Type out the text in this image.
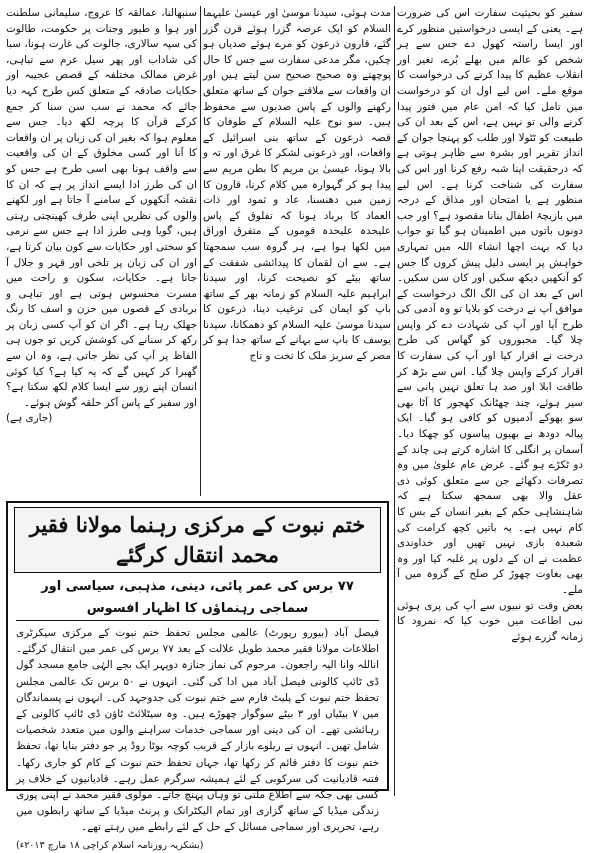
سفیر کو بحیثیت سفارت اس کی ضرورت ہے۔ یعنی کے ایسی درخواستیں منظور کرے اور ایسا راستہ کھول دے جس سے ہر شخص کو عالم میں بھلے بُرے، تغیر اور انقلاب عظیم کا پیدا کرنے کی درخواست کا موقع ملے۔ اس لیے اول ان کو درخواست میں تامل کیا کہ امن عام میں فتور پیدا کرنے والی تو نہیں ہے، اس کے بعد ان کی طبیعت کو ٹٹولا اور طلب کو پہنچا جوان کے انداز تقریر اور بشرہ سے ظاہر ہوتی ہے کہ درحقیقت اپنا شبہ رفع کرنا اور اس کی سفارت کی شناخت کرنا ہے۔ اس لیے منظور ہے یا امتحان اور مذاق کے درجہ میں بازیچۂ اطفال بنانا مقصود ہے؟ اور جب دونوں باتوں میں اطمینان ہو گیا تو جواب دیا کہ بہت اچھا انشاء اللہ میں تمہاری خواہش پر ایسی دلیل پیش کروں گا جس کو آنکھیں دیکھ سکیں اور کان سن سکیں۔ اس کے بعد ان کی الگ الگ درخواست کے موافق آپ نے درخت کو بلایا تو وہ آدمی کی طرح آیا اور آپ کی شہادت دے کر واپس چلا گیا۔ مجبوروں کو گھاس کی طرح درخت نے اقرار کیا اور آپ کی سفارت کا اقرار کرکے واپس چلا گیا۔ اس سے بڑھ کر طاقت ابلا اور صد ہا تعلق نہیں پانی سے سیر ہوئے، چند چھٹانک کھجور کا آٹا بھی سو بھوکے آدمیوں کو کافی ہو گیا۔ ایک پیالہ دودھ نے بھیوں پیاسوں کو چھکا دیا۔ آسمان پر انگلی کا اشارہ کرتے ہی چاند کے دو ٹکڑے ہو گئے۔ غرض عام علویٰ میں وہ تصرفات دکھائے جن سے متعلق کوئی ذی عقل والا بھی سمجھ سکتا ہے کہ شاہنشاہی حکم کے بغیر انسان کے بس کا کام نہیں ہے۔ یہ باتیں کچھ کرامت کی شعبدہ بازی نہیں تھیں اور خداوندی عظمت نے ان کے دلوں پر غلبہ کیا اور وہ بھی بغاوت چھوڑ کر صلح کے گروہ میں آ ملے۔

بعض وقت تو نبیوں سے آپ کی پری ہوئی نبی اطاعت میں خوب کیا کہ نمرود کا زمانہ گزرے ہوئے

مدت ہوئی، سیدنا موسیٰ اور عیسیٰ علیہما السلام کو ایک عرصہ گزرا ہوئے قرن گزر گئے، قارون ذرعون کو مرے ہوئے صدیاں ہو چکیں، مگر مدعی سفارت سے جس کا حال پوچھتے وہ صحیح صحیح سن لیتے ہیں اور ان واقعات سے ملاقتے جوان کے ساتھ متعلق رکھنے والوں کے پاس صدیوں سے محفوظ ہیں۔ سو نوح علیہ السلام کے طوفان کا قصہ ذرعون کے ساتھ بنی اسرائیل کے واقعات، اور ذرعونی لشکر کا غرق اور تہ و بالا ہونا، عیسیٰ بن مریم کا بطن مریم سے پیدا ہو کر گہوارہ میں کلام کرنا، قارون کا زمین میں دھنسنا، عاد و ثمود اور ذات العماد کا برباد ہونا کہ تفلوق کے پاس علیحدہ علیحدہ قوموں کے متفرق اوراق میں لکھا ہوا ہے، ہر گروہ سب سمجھتا ہے۔ سے ان لقمان کا پیدائشی شفقت کے ساتھ بیٹے کو نصیحت کرنا، اور سیدنا ابراہیم علیہ السلام کو زمانہ بھر کے ساتھ باپ کو ایمان کی ترغیب دینا، ذرعون کا سیدنا موسیٰ علیہ السلام کو دھمکانا، سیدنا یوسف کا باپ سے بہانے کے ساتھ جدا ہو کر مصر کے سربز ملک کا تخت و تاج

سنبھالنا، عمالقہ کا عروج، سلیمانی سلطنت اور ہوا و طیور وجنات پر حکومت، طالوت کی سپہ سالاری، جالوت کی غارت ہونا، سبا کی شاداب اور پھر سیل عرم سے تباہی، غرض ممالک مختلفہ کے قصص عجیبہ اور حکایات صادقہ کے متعلق کس طرح کہہ دیا جائے کہ محمد نے سب سن سنا کر جمع کرکے قرآن کا پرچہ لکھ دیا۔ جس سے معلوم ہوا کہ بغیر ان کی زبان پر ان واقعات کا آنا اور کسی مخلوق کے ان کی واقعیت سے واقف ہونا بھی اسی طرح ہے جس کو ان کی طرز ادا ایسے انداز پر ہے کہ ان کا نقشہ آنکھوں کے سامنے آ جاتا ہے اور لکھنے والوں کی نظریں اپنی طرف کھینچتی رہتی ہیں، گویا وہی طرز ادا ہے جس سے نرمی کو سختی اور حکایات سے کون بیان کرتا ہے، اور ان کی زبان پر تلخی اور قہر و جلال آ جاتا ہے۔ حکایات، سکون و راحت میں مسرت محسوس ہوتی ہے اور تباہی و بربادی کے قصوں میں حزن و اسف کا رنگ جھلک رہا ہے۔ اگر ان کو آپ کسی زبان پر رکھ کر سنانے کی کوشش کریں تو جوں ہی الفاظ پر آپ کی نظر جاتی ہے، وہ ان سے گھبرا کر کہیں گے کہ یہ کیا ہے؟ کیا کوئی انسان اپنے زور سے ایسا کلام لکھ سکتا ہے؟ اور سفیر کے پاس آکر حلقہ گوش ہوئے۔

(جاری ہے)

ختم نبوت کے مرکزی رہنما مولانا فقیر محمد انتقال کرگئے
۷۷ برس کی عمر پائی، دینی، مذہبی، سیاسی اور سماجی رہنماؤں کا اظہار افسوس
فیصل آباد (بیورو رپورٹ) عالمی مجلس تحفظ ختم نبوت کے مرکزی سیکرٹری اطلاعات مولانا فقیر محمد طویل علالت کے بعد ۷۷ برس کی عمر میں انتقال کرگئے۔ اناللہ وانا الیہ راجعون۔ مرحوم کی نماز جنازہ دوپہر ایک بجے الہٰی جامع مسجد گول ڈی ٹائپ کالونی فیصل آباد میں ادا کی گئی۔ انہوں نے ۵۰ برس تک عالمی مجلس تحفظ ختم نبوت کے پلیٹ فارم سے ختم نبوت کی جدوجہد کی۔ انہوں نے پسماندگان میں ۷ بیٹیاں اور ۳ بیٹے سوگوار چھوڑے ہیں۔ وہ سیٹلائٹ ٹاؤن ڈی ٹائپ کالونی کے رہائشی تھے۔ ان کی دینی اور سماجی خدمات سراہنے والوں میں متعدد شخصیات شامل تھیں۔ انہوں نے ریلوے بازار کے قریب کوچہ بوٹا روڈ پر جو دفتر بنایا تھا، تحفظ ختم نبوت کا دفتر قائم کر رکھا تھا، جہاں تحفظ ختم نبوت کے کام کو جاری رکھا۔ فتنہ قادیانیت کی سرکوبی کے لئے ہمیشہ سرگرم عمل رہے۔ قادیانیوں کے خلاف پر کسی بھی جگہ سے اطلاع ملتی تو وہاں پہنچ جاتے۔ مولوی فقیر محمد نے اپنی پوری زندگی میڈیا کے ساتھ گزاری اور تمام الیکٹرانک و پرنٹ میڈیا کے ساتھ رابطوں میں رہے، تحریری اور سماجی مسائل کے حل کے لئے رابطے میں رہتے تھے۔
(بشکریہ روزنامہ اسلام کراچی ۱۸ مارچ ۲۰۱۳ء)
